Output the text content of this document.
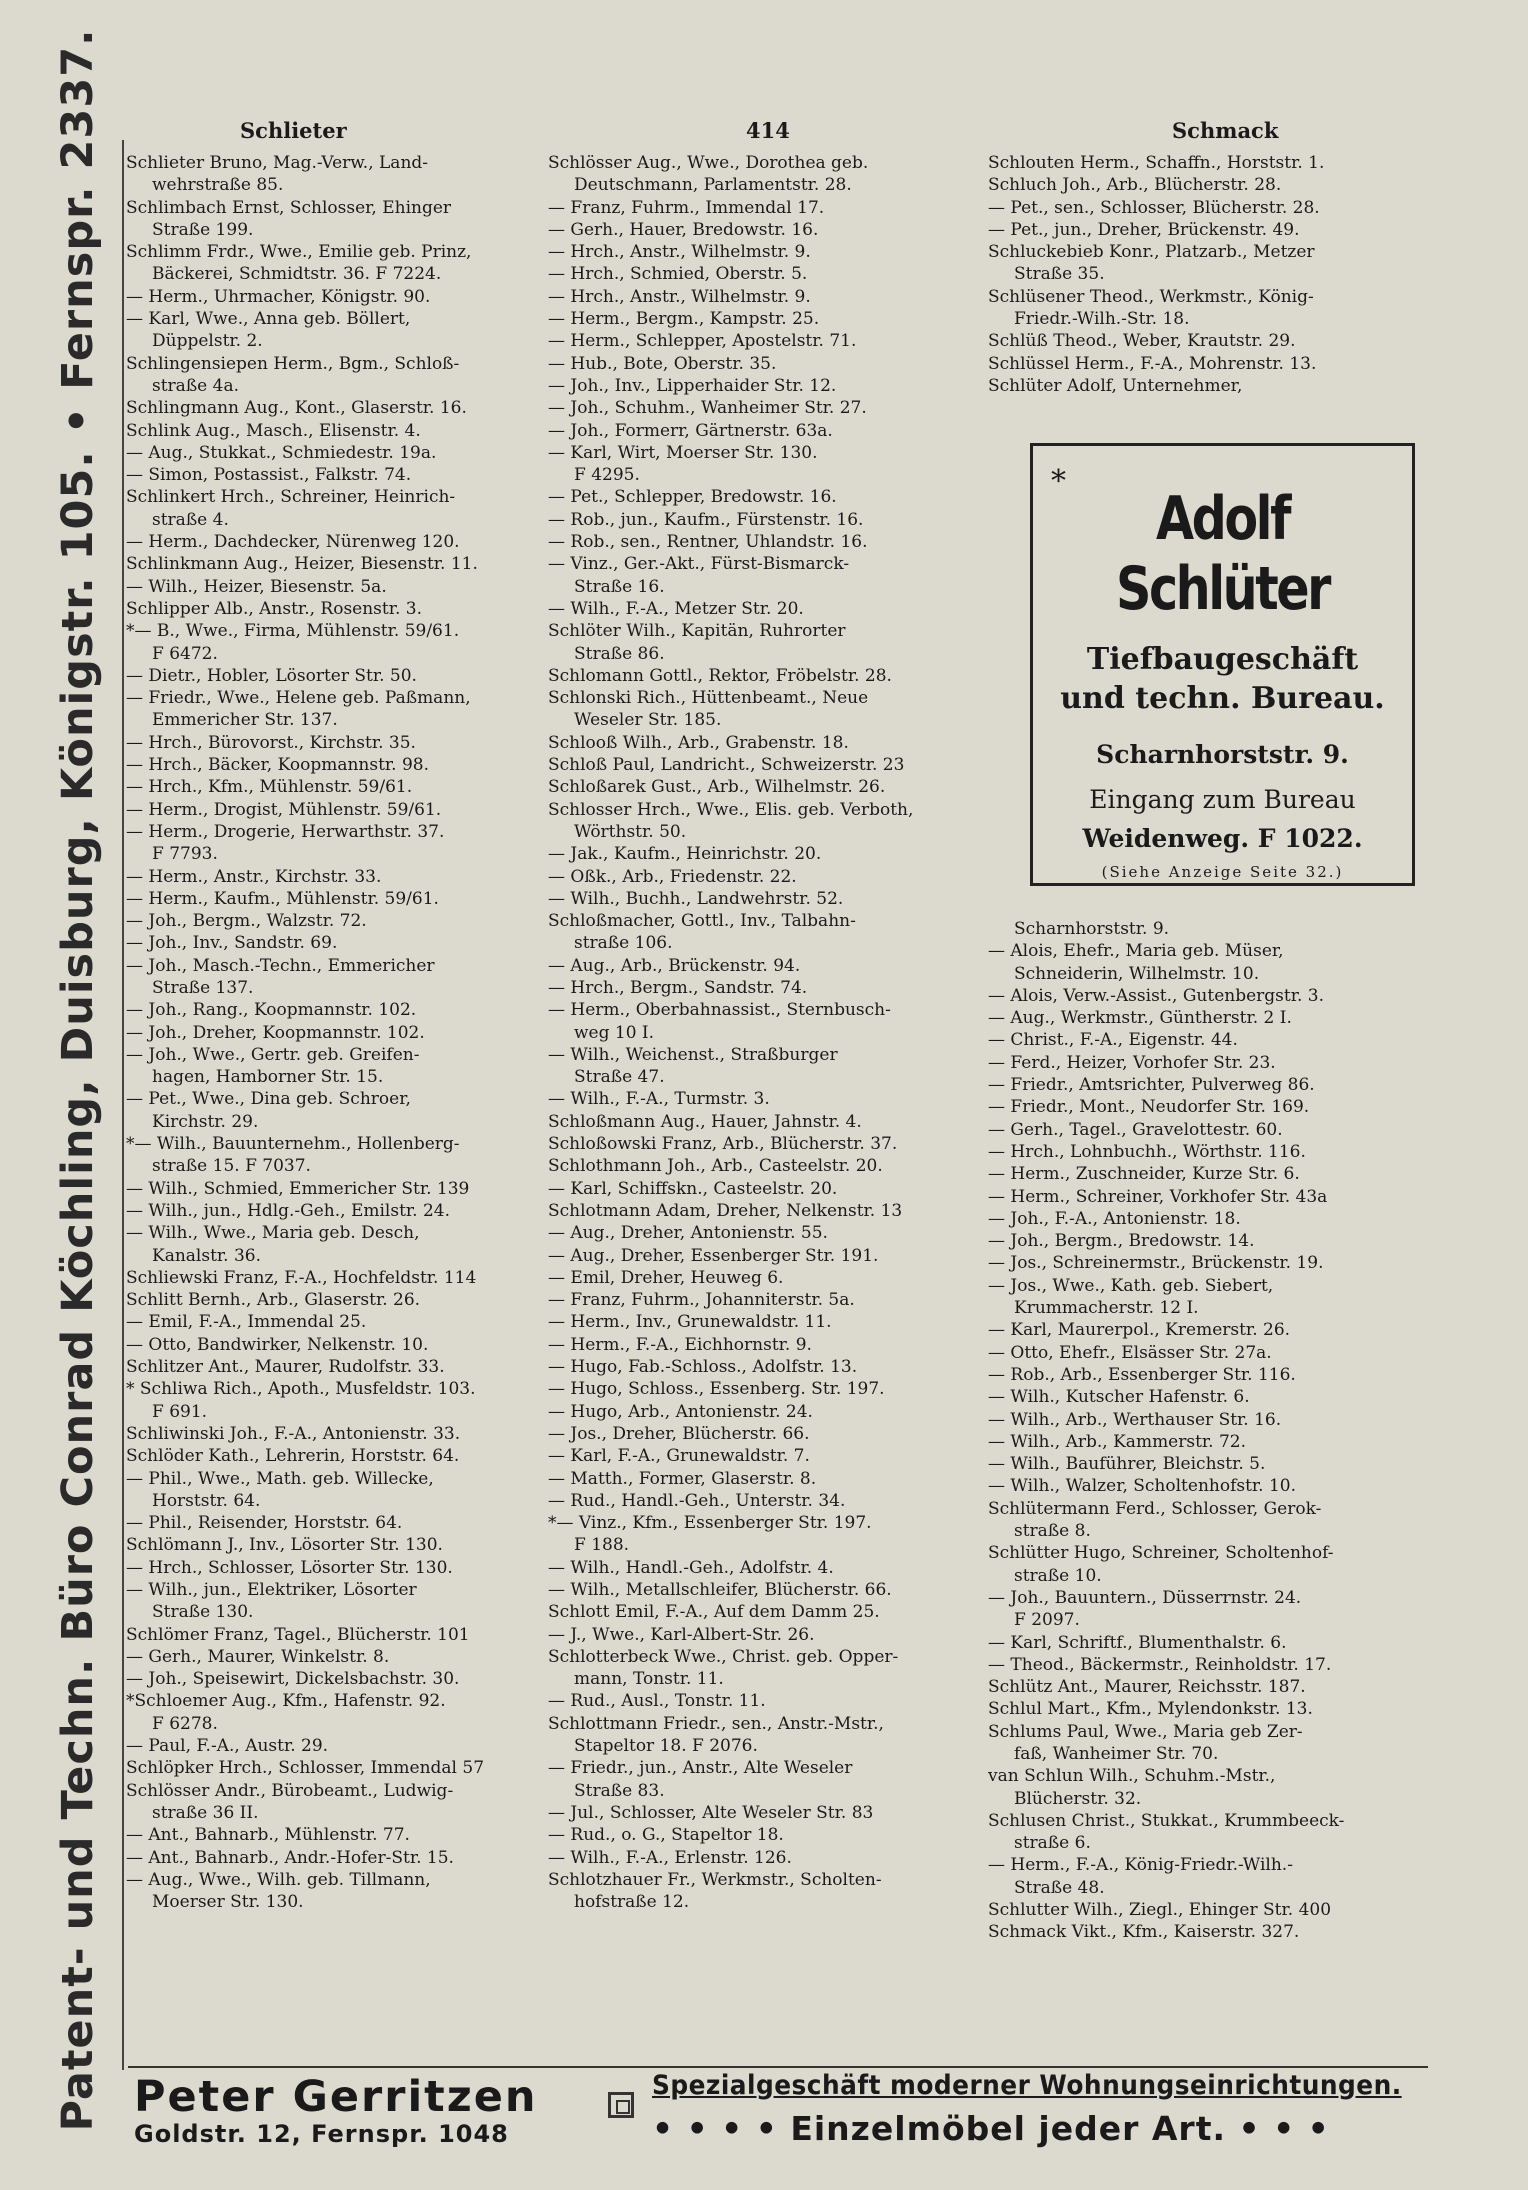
Patent- und Techn. Büro Conrad Köchling, Duisburg, Königstr. 105. • Fernspr. 2337.	Schlieter	414	Schmack
Schlieter Bruno, Mag.-Verw., Land-
wehrstraße 85.
Schlimbach Ernst, Schlosser, Ehinger
Straße 199.
Schlimm Frdr., Wwe., Emilie geb. Prinz,
Bäckerei, Schmidtstr. 36. F 7224.
— Herm., Uhrmacher, Königstr. 90.
— Karl, Wwe., Anna geb. Böllert,
Düppelstr. 2.
Schlingensiepen Herm., Bgm., Schloß-
straße 4a.
Schlingmann Aug., Kont., Glaserstr. 16.
Schlink Aug., Masch., Elisenstr. 4.
— Aug., Stukkat., Schmiedestr. 19a.
— Simon, Postassist., Falkstr. 74.
Schlinkert Hrch., Schreiner, Heinrich-
straße 4.
— Herm., Dachdecker, Nürenweg 120.
Schlinkmann Aug., Heizer, Biesenstr. 11.
— Wilh., Heizer, Biesenstr. 5a.
Schlipper Alb., Anstr., Rosenstr. 3.
*— B., Wwe., Firma, Mühlenstr. 59/61.
F 6472.
— Dietr., Hobler, Lösorter Str. 50.
— Friedr., Wwe., Helene geb. Paßmann,
Emmericher Str. 137.
— Hrch., Bürovorst., Kirchstr. 35.
— Hrch., Bäcker, Koopmannstr. 98.
— Hrch., Kfm., Mühlenstr. 59/61.
— Herm., Drogist, Mühlenstr. 59/61.
— Herm., Drogerie, Herwarthstr. 37.
F 7793.
— Herm., Anstr., Kirchstr. 33.
— Herm., Kaufm., Mühlenstr. 59/61.
— Joh., Bergm., Walzstr. 72.
— Joh., Inv., Sandstr. 69.
— Joh., Masch.-Techn., Emmericher
Straße 137.
— Joh., Rang., Koopmannstr. 102.
— Joh., Dreher, Koopmannstr. 102.
— Joh., Wwe., Gertr. geb. Greifen-
hagen, Hamborner Str. 15.
— Pet., Wwe., Dina geb. Schroer,
Kirchstr. 29.
*— Wilh., Bauunternehm., Hollenberg-
straße 15. F 7037.
— Wilh., Schmied, Emmericher Str. 139
— Wilh., jun., Hdlg.-Geh., Emilstr. 24.
— Wilh., Wwe., Maria geb. Desch,
Kanalstr. 36.
Schliewski Franz, F.-A., Hochfeldstr. 114
Schlitt Bernh., Arb., Glaserstr. 26.
— Emil, F.-A., Immendal 25.
— Otto, Bandwirker, Nelkenstr. 10.
Schlitzer Ant., Maurer, Rudolfstr. 33.
* Schliwa Rich., Apoth., Musfeldstr. 103.
F 691.
Schliwinski Joh., F.-A., Antonienstr. 33.
Schlöder Kath., Lehrerin, Horststr. 64.
— Phil., Wwe., Math. geb. Willecke,
Horststr. 64.
— Phil., Reisender, Horststr. 64.
Schlömann J., Inv., Lösorter Str. 130.
— Hrch., Schlosser, Lösorter Str. 130.
— Wilh., jun., Elektriker, Lösorter
Straße 130.
Schlömer Franz, Tagel., Blücherstr. 101
— Gerh., Maurer, Winkelstr. 8.
— Joh., Speisewirt, Dickelsbachstr. 30.
*Schloemer Aug., Kfm., Hafenstr. 92.
F 6278.
— Paul, F.-A., Austr. 29.
Schlöpker Hrch., Schlosser, Immendal 57
Schlösser Andr., Bürobeamt., Ludwig-
straße 36 II.
— Ant., Bahnarb., Mühlenstr. 77.
— Ant., Bahnarb., Andr.-Hofer-Str. 15.
— Aug., Wwe., Wilh. geb. Tillmann,
Moerser Str. 130.
Schlösser Aug., Wwe., Dorothea geb.
Deutschmann, Parlamentstr. 28.
— Franz, Fuhrm., Immendal 17.
— Gerh., Hauer, Bredowstr. 16.
— Hrch., Anstr., Wilhelmstr. 9.
— Hrch., Schmied, Oberstr. 5.
— Hrch., Anstr., Wilhelmstr. 9.
— Herm., Bergm., Kampstr. 25.
— Herm., Schlepper, Apostelstr. 71.
— Hub., Bote, Oberstr. 35.
— Joh., Inv., Lipperhaider Str. 12.
— Joh., Schuhm., Wanheimer Str. 27.
— Joh., Formerr, Gärtnerstr. 63a.
— Karl, Wirt, Moerser Str. 130.
F 4295.
— Pet., Schlepper, Bredowstr. 16.
— Rob., jun., Kaufm., Fürstenstr. 16.
— Rob., sen., Rentner, Uhlandstr. 16.
— Vinz., Ger.-Akt., Fürst-Bismarck-
Straße 16.
— Wilh., F.-A., Metzer Str. 20.
Schlöter Wilh., Kapitän, Ruhrorter
Straße 86.
Schlomann Gottl., Rektor, Fröbelstr. 28.
Schlonski Rich., Hüttenbeamt., Neue
Weseler Str. 185.
Schlooß Wilh., Arb., Grabenstr. 18.
Schloß Paul, Landricht., Schweizerstr. 23
Schloßarek Gust., Arb., Wilhelmstr. 26.
Schlosser Hrch., Wwe., Elis. geb. Verboth,
Wörthstr. 50.
— Jak., Kaufm., Heinrichstr. 20.
— Oßk., Arb., Friedenstr. 22.
— Wilh., Buchh., Landwehrstr. 52.
Schloßmacher, Gottl., Inv., Talbahn-
straße 106.
— Aug., Arb., Brückenstr. 94.
— Hrch., Bergm., Sandstr. 74.
— Herm., Oberbahnassist., Sternbusch-
weg 10 I.
— Wilh., Weichenst., Straßburger
Straße 47.
— Wilh., F.-A., Turmstr. 3.
Schloßmann Aug., Hauer, Jahnstr. 4.
Schloßowski Franz, Arb., Blücherstr. 37.
Schlothmann Joh., Arb., Casteelstr. 20.
— Karl, Schiffskn., Casteelstr. 20.
Schlotmann Adam, Dreher, Nelkenstr. 13
— Aug., Dreher, Antonienstr. 55.
— Aug., Dreher, Essenberger Str. 191.
— Emil, Dreher, Heuweg 6.
— Franz, Fuhrm., Johanniterstr. 5a.
— Herm., Inv., Grunewaldstr. 11.
— Herm., F.-A., Eichhornstr. 9.
— Hugo, Fab.-Schloss., Adolfstr. 13.
— Hugo, Schloss., Essenberg. Str. 197.
— Hugo, Arb., Antonienstr. 24.
— Jos., Dreher, Blücherstr. 66.
— Karl, F.-A., Grunewaldstr. 7.
— Matth., Former, Glaserstr. 8.
— Rud., Handl.-Geh., Unterstr. 34.
*— Vinz., Kfm., Essenberger Str. 197.
F 188.
— Wilh., Handl.-Geh., Adolfstr. 4.
— Wilh., Metallschleifer, Blücherstr. 66.
Schlott Emil, F.-A., Auf dem Damm 25.
— J., Wwe., Karl-Albert-Str. 26.
Schlotterbeck Wwe., Christ. geb. Opper-
mann, Tonstr. 11.
— Rud., Ausl., Tonstr. 11.
Schlottmann Friedr., sen., Anstr.-Mstr.,
Stapeltor 18. F 2076.
— Friedr., jun., Anstr., Alte Weseler
Straße 83.
— Jul., Schlosser, Alte Weseler Str. 83
— Rud., o. G., Stapeltor 18.
— Wilh., F.-A., Erlenstr. 126.
Schlotzhauer Fr., Werkmstr., Scholten-
hofstraße 12.
Schlouten Herm., Schaffn., Horststr. 1.
Schluch Joh., Arb., Blücherstr. 28.
— Pet., sen., Schlosser, Blücherstr. 28.
— Pet., jun., Dreher, Brückenstr. 49.
Schluckebieb Konr., Platzarb., Metzer
Straße 35.
Schlüsener Theod., Werkmstr., König-
Friedr.-Wilh.-Str. 18.
Schlüß Theod., Weber, Krautstr. 29.
Schlüssel Herm., F.-A., Mohrenstr. 13.
Schlüter Adolf, Unternehmer,
*
Adolf Schlüter
Tiefbaugeschäft
und techn. Bureau.
Scharnhorststr. 9.
Eingang zum Bureau
Weidenweg. F 1022.
(Siehe Anzeige Seite 32.)
Scharnhorststr. 9.
— Alois, Ehefr., Maria geb. Müser,
Schneiderin, Wilhelmstr. 10.
— Alois, Verw.-Assist., Gutenbergstr. 3.
— Aug., Werkmstr., Güntherstr. 2 I.
— Christ., F.-A., Eigenstr. 44.
— Ferd., Heizer, Vorhofer Str. 23.
— Friedr., Amtsrichter, Pulverweg 86.
— Friedr., Mont., Neudorfer Str. 169.
— Gerh., Tagel., Gravelottestr. 60.
— Hrch., Lohnbuchh., Wörthstr. 116.
— Herm., Zuschneider, Kurze Str. 6.
— Herm., Schreiner, Vorkhofer Str. 43a
— Joh., F.-A., Antonienstr. 18.
— Joh., Bergm., Bredowstr. 14.
— Jos., Schreinermstr., Brückenstr. 19.
— Jos., Wwe., Kath. geb. Siebert,
Krummacherstr. 12 I.
— Karl, Maurerpol., Kremerstr. 26.
— Otto, Ehefr., Elsässer Str. 27a.
— Rob., Arb., Essenberger Str. 116.
— Wilh., Kutscher Hafenstr. 6.
— Wilh., Arb., Werthauser Str. 16.
— Wilh., Arb., Kammerstr. 72.
— Wilh., Bauführer, Bleichstr. 5.
— Wilh., Walzer, Scholtenhofstr. 10.
Schlütermann Ferd., Schlosser, Gerok-
straße 8.
Schlütter Hugo, Schreiner, Scholtenhof-
straße 10.
— Joh., Bauuntern., Düsserrnstr. 24.
F 2097.
— Karl, Schriftf., Blumenthalstr. 6.
— Theod., Bäckermstr., Reinholdstr. 17.
Schlütz Ant., Maurer, Reichsstr. 187.
Schlul Mart., Kfm., Mylendonkstr. 13.
Schlums Paul, Wwe., Maria geb Zer-
faß, Wanheimer Str. 70.
van Schlun Wilh., Schuhm.-Mstr.,
Blücherstr. 32.
Schlusen Christ., Stukkat., Krummbeeck-
straße 6.
— Herm., F.-A., König-Friedr.-Wilh.-
Straße 48.
Schlutter Wilh., Ziegl., Ehinger Str. 400
Schmack Vikt., Kfm., Kaiserstr. 327.
Peter Gerritzen
Goldstr. 12, Fernspr. 1048
Spezialgeschäft moderner Wohnungseinrichtungen.
• • • • Einzelmöbel jeder Art. • • •
